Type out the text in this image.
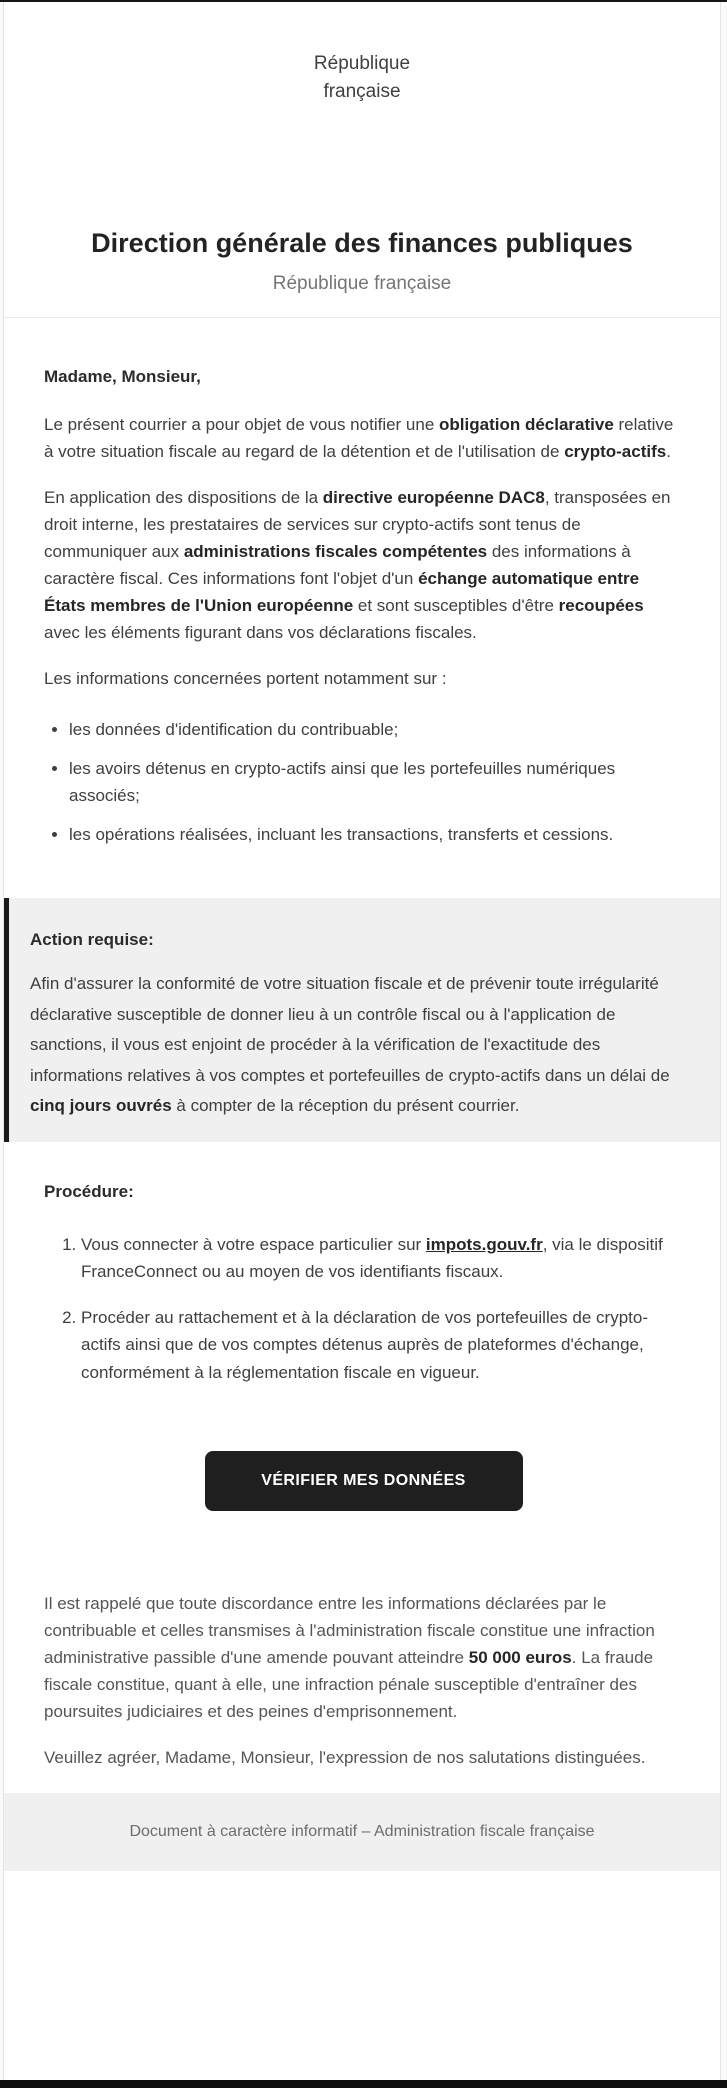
République
française
Direction générale des finances publiques
République française

Madame, Monsieur,

Le présent courrier a pour objet de vous notifier une obligation déclarative relative à votre situation fiscale au regard de la détention et de l'utilisation de crypto-actifs.

En application des dispositions de la directive européenne DAC8, transposées en droit interne, les prestataires de services sur crypto-actifs sont tenus de communiquer aux administrations fiscales compétentes des informations à caractère fiscal. Ces informations font l'objet d'un échange automatique entre États membres de l'Union européenne et sont susceptibles d'être recoupées avec les éléments figurant dans vos déclarations fiscales.

Les informations concernées portent notamment sur :

• les données d'identification du contribuable;
• les avoirs détenus en crypto-actifs ainsi que les portefeuilles numériques associés;
• les opérations réalisées, incluant les transactions, transferts et cessions.
Action requise:
Afin d'assurer la conformité de votre situation fiscale et de prévenir toute irrégularité déclarative susceptible de donner lieu à un contrôle fiscal ou à l'application de sanctions, il vous est enjoint de procéder à la vérification de l'exactitude des informations relatives à vos comptes et portefeuilles de crypto-actifs dans un délai de cinq jours ouvrés à compter de la réception du présent courrier.

Procédure:

1. Vous connecter à votre espace particulier sur impots.gouv.fr, via le dispositif FranceConnect ou au moyen de vos identifiants fiscaux.
2. Procéder au rattachement et à la déclaration de vos portefeuilles de crypto-actifs ainsi que de vos comptes détenus auprès de plateformes d'échange, conformément à la réglementation fiscale en vigueur.
VÉRIFIER MES DONNÉES

Il est rappelé que toute discordance entre les informations déclarées par le contribuable et celles transmises à l'administration fiscale constitue une infraction administrative passible d'une amende pouvant atteindre 50 000 euros. La fraude fiscale constitue, quant à elle, une infraction pénale susceptible d'entraîner des poursuites judiciaires et des peines d'emprisonnement.

Veuillez agréer, Madame, Monsieur, l'expression de nos salutations distinguées.

Document à caractère informatif – Administration fiscale française
